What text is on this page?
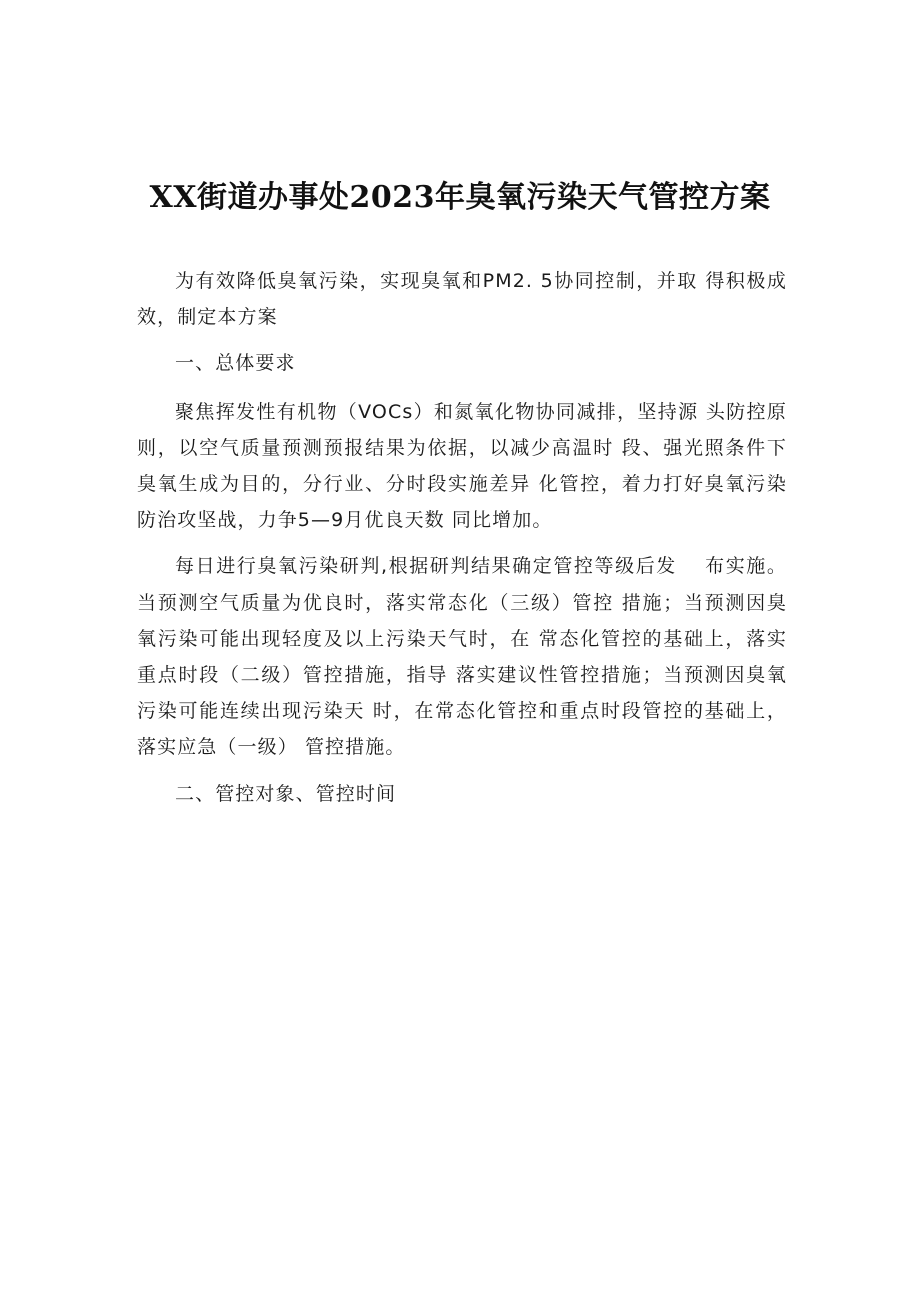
XX街道办事处2023年臭氧污染天气管控方案

为有效降低臭氧污染，实现臭氧和PM2. 5协同控制，并取 得积极成效，制定本方案

一、总体要求

聚焦挥发性有机物（VOCs）和氮氧化物协同减排，坚持源 头防控原则，以空气质量预测预报结果为依据，以减少高温时 段、强光照条件下臭氧生成为目的，分行业、分时段实施差异 化管控，着力打好臭氧污染防治攻坚战，力争5—9月优良天数 同比增加。

每日进行臭氧污染研判,根据研判结果确定管控等级后发　 布实施。当预测空气质量为优良时，落实常态化（三级）管控 措施；当预测因臭氧污染可能出现轻度及以上污染天气时，在 常态化管控的基础上，落实重点时段（二级）管控措施，指导 落实建议性管控措施；当预测因臭氧污染可能连续出现污染天 时，在常态化管控和重点时段管控的基础上，落实应急（一级） 管控措施。

二、管控对象、管控时间
